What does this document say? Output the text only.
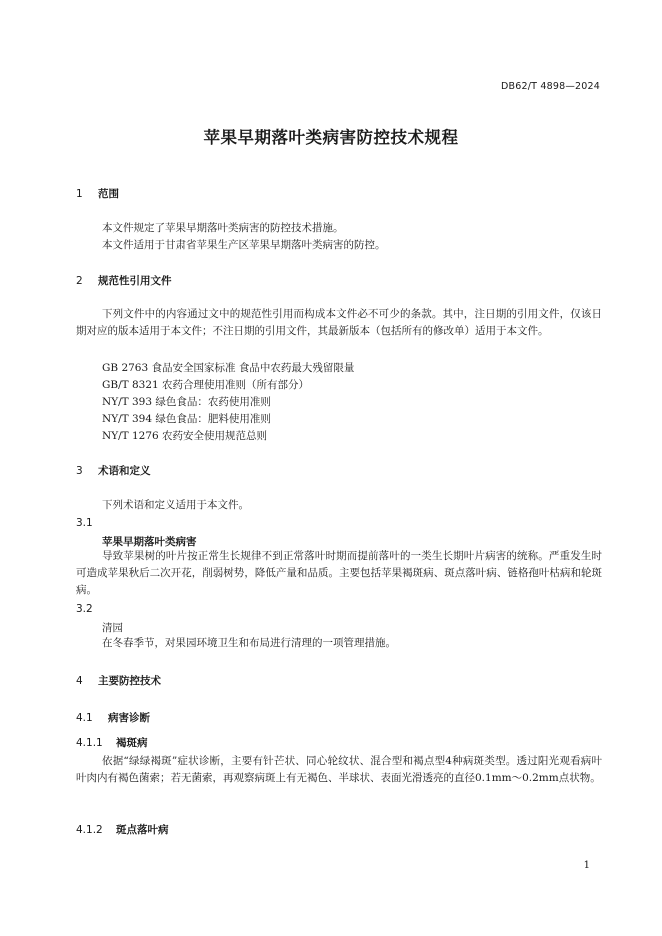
DB62/T 4898—2024
苹果早期落叶类病害防控技术规程
1 范围
本文件规定了苹果早期落叶类病害的防控技术措施。
本文件适用于甘肃省苹果生产区苹果早期落叶类病害的防控。
2 规范性引用文件
下列文件中的内容通过文中的规范性引用而构成本文件必不可少的条款。其中，注日期的引用文件，仅该日期对应的版本适用于本文件；不注日期的引用文件，其最新版本（包括所有的修改单）适用于本文件。
GB 2763 食品安全国家标准 食品中农药最大残留限量
GB/T 8321 农药合理使用准则（所有部分）
NY/T 393 绿色食品：农药使用准则
NY/T 394 绿色食品：肥料使用准则
NY/T 1276 农药安全使用规范总则
3 术语和定义
下列术语和定义适用于本文件。
3.1
苹果早期落叶类病害
导致苹果树的叶片按正常生长规律不到正常落叶时期而提前落叶的一类生长期叶片病害的统称。严重发生时可造成苹果秋后二次开花，削弱树势，降低产量和品质。主要包括苹果褐斑病、斑点落叶病、链格孢叶枯病和轮斑病。
3.2
清园
在冬春季节，对果园环境卫生和布局进行清理的一项管理措施。
4 主要防控技术
4.1 病害诊断
4.1.1 褐斑病
依据“绿绿褐斑”症状诊断，主要有针芒状、同心轮纹状、混合型和褐点型4种病斑类型。透过阳光观看病叶叶肉内有褐色菌索；若无菌索，再观察病斑上有无褐色、半球状、表面光滑透亮的直径0.1mm～0.2mm点状物。
4.1.2 斑点落叶病
1
